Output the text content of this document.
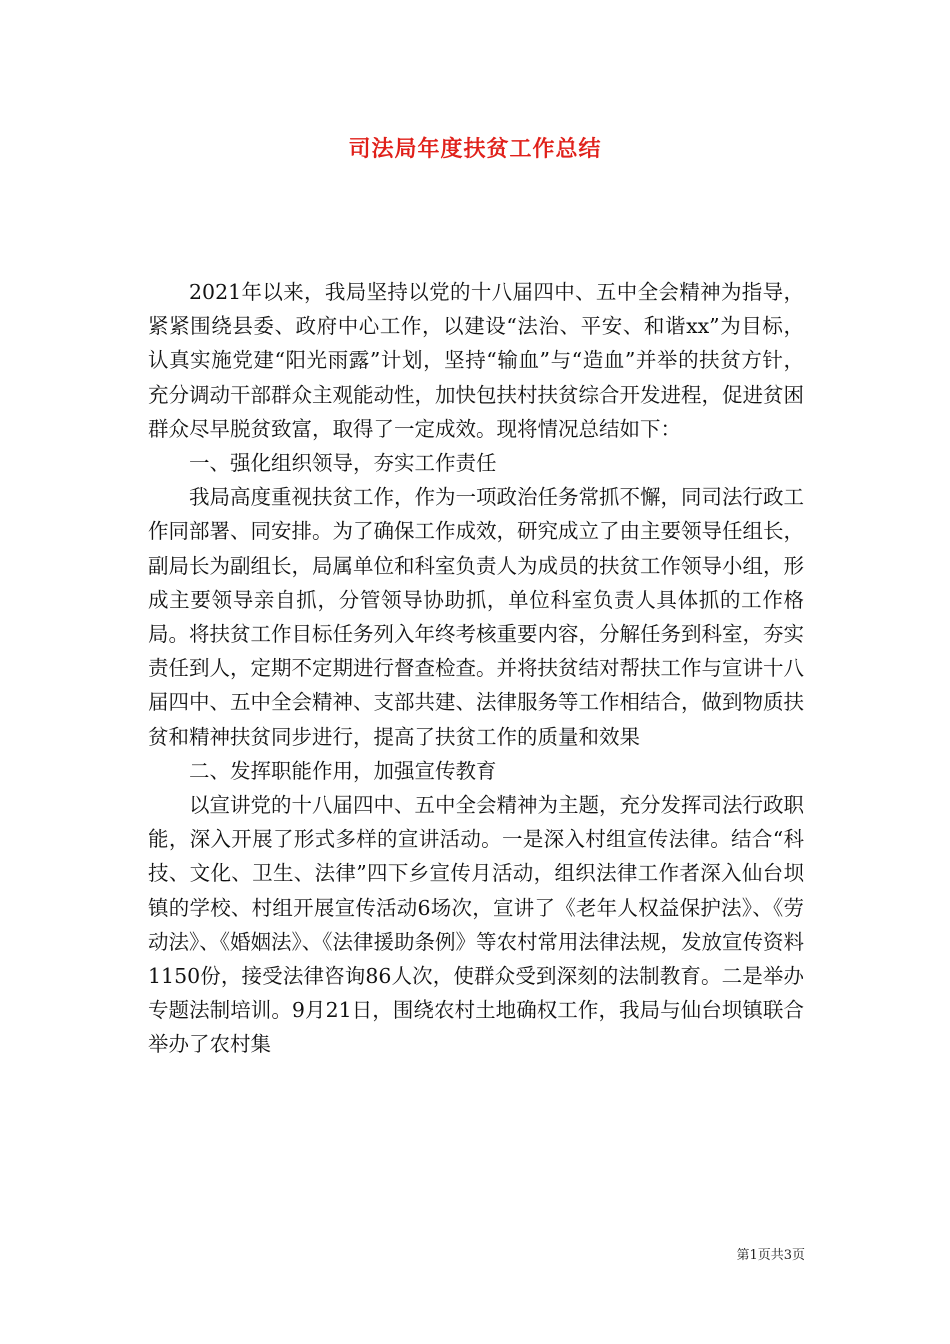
司法局年度扶贫工作总结

2021年以来，我局坚持以党的十八届四中、五中全会精神为指导，紧紧围绕县委、政府中心工作，以建设“法治、平安、和谐xx”为目标，认真实施党建“阳光雨露”计划，坚持“输血”与“造血”并举的扶贫方针，充分调动干部群众主观能动性，加快包扶村扶贫综合开发进程，促进贫困群众尽早脱贫致富，取得了一定成效。现将情况总结如下：

一、强化组织领导，夯实工作责任

我局高度重视扶贫工作，作为一项政治任务常抓不懈，同司法行政工作同部署、同安排。为了确保工作成效，研究成立了由主要领导任组长，副局长为副组长，局属单位和科室负责人为成员的扶贫工作领导小组，形成主要领导亲自抓，分管领导协助抓，单位科室负责人具体抓的工作格局。将扶贫工作目标任务列入年终考核重要内容，分解任务到科室，夯实责任到人，定期不定期进行督查检查。并将扶贫结对帮扶工作与宣讲十八届四中、五中全会精神、支部共建、法律服务等工作相结合，做到物质扶贫和精神扶贫同步进行，提高了扶贫工作的质量和效果

二、发挥职能作用，加强宣传教育

以宣讲党的十八届四中、五中全会精神为主题，充分发挥司法行政职能，深入开展了形式多样的宣讲活动。一是深入村组宣传法律。结合“科技、文化、卫生、法律”四下乡宣传月活动，组织法律工作者深入仙台坝镇的学校、村组开展宣传活动6场次，宣讲了《老年人权益保护法》、《劳动法》、《婚姻法》、《法律援助条例》等农村常用法律法规，发放宣传资料1150份，接受法律咨询86人次，使群众受到深刻的法制教育。二是举办专题法制培训。9月21日，围绕农村土地确权工作，我局与仙台坝镇联合举办了农村集

第1页共3页
